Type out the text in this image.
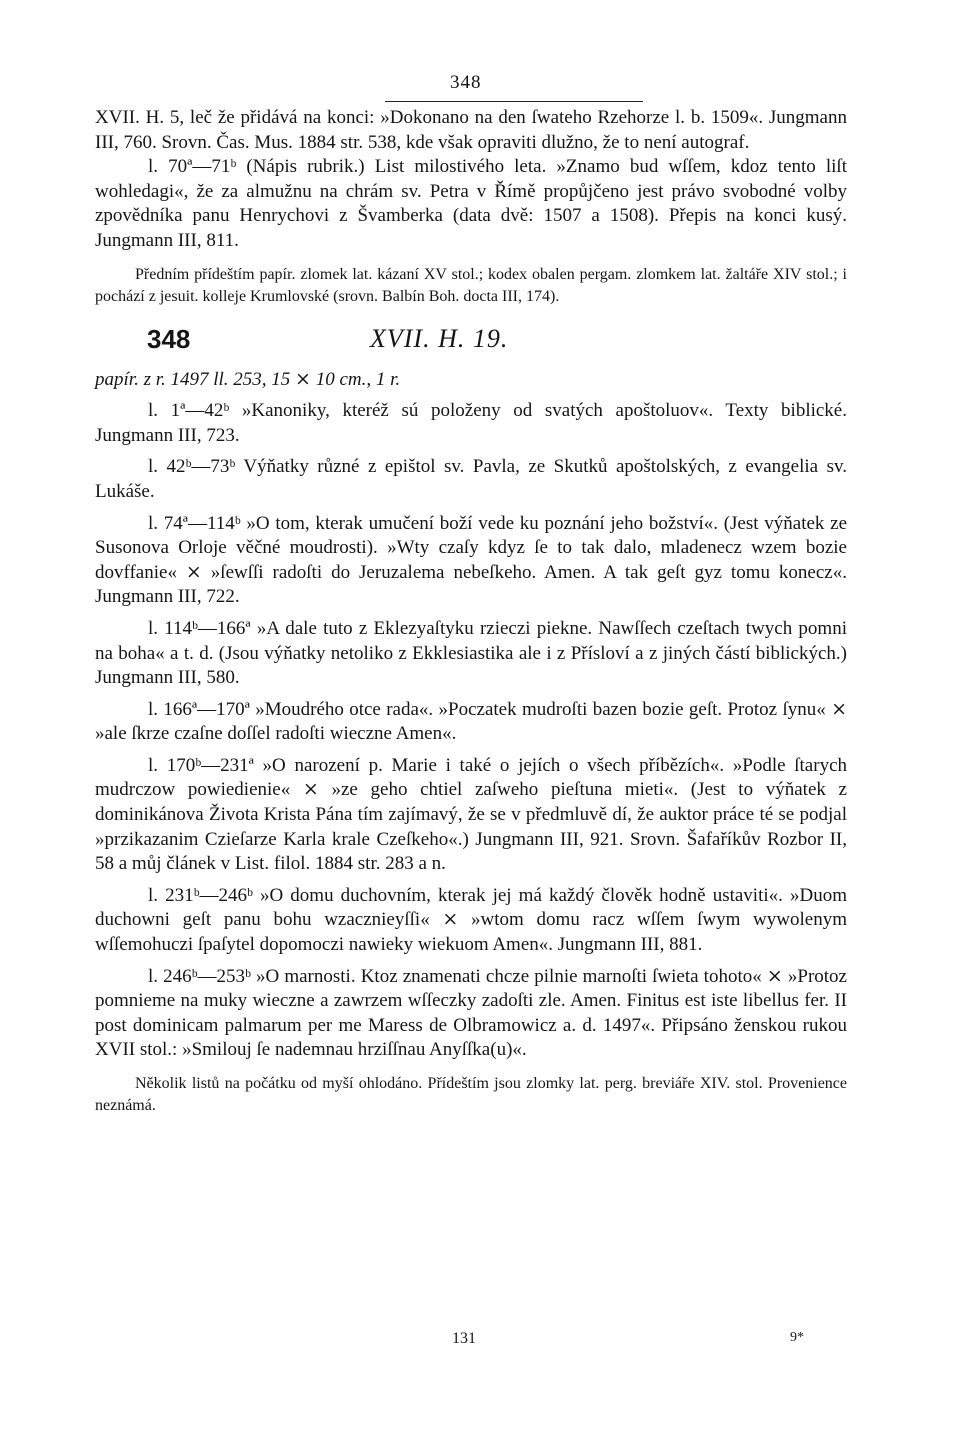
348

XVII. H. 5, leč že přidává na konci: »Dokonano na den ſwateho Rzehorze l. b. 1509«. Jungmann III, 760. Srovn. Čas. Mus. 1884 str. 538, kde však opraviti dlužno, že to není autograf.

l. 70ª—71ᵇ (Nápis rubrik.) List milostivého leta. »Znamo bud wſſem, kdoz tento liſt wohledagi«, že za almužnu na chrám sv. Petra v Římě propůjčeno jest právo svobodné volby zpovědníka panu Henrychovi z Švamberka (data dvě: 1507 a 1508). Přepis na konci kusý. Jungmann III, 811.

Předním přídeštím papír. zlomek lat. kázaní XV stol.; kodex obalen pergam. zlomkem lat. žaltáře XIV stol.; i pochází z jesuit. kolleje Krumlovské (srovn. Balbín Boh. docta III, 174).

348	XVII. H. 19.

papír. z r. 1497 ll. 253, 15 ⨯ 10 cm., 1 r.

l. 1ª—42ᵇ »Kanoniky, kteréž sú položeny od svatých apoštoluov«. Texty biblické. Jungmann III, 723.

l. 42ᵇ—73ᵇ Výňatky různé z epištol sv. Pavla, ze Skutků apoštolských, z evangelia sv. Lukáše.

l. 74ª—114ᵇ »O tom, kterak umučení boží vede ku poznání jeho božství«. (Jest výňatek ze Susonova Orloje věčné moudrosti). »Wty czaſy kdyz ſe to tak dalo, mladenecz wzem bozie dovffanie« ⨯ »ſewſſi radoſti do Jeruzalema nebeſkeho. Amen. A tak geſt gyz tomu konecz«. Jungmann III, 722.

l. 114ᵇ—166ª »A dale tuto z Eklezyaſtyku rzieczi piekne. Nawſſech czeſtach twych pomni na boha« a t. d. (Jsou výňatky netoliko z Ekklesiastika ale i z Přísloví a z jiných částí biblických.) Jungmann III, 580.

l. 166ª—170ª »Moudrého otce rada«. »Poczatek mudroſti bazen bozie geſt. Protoz ſynu« ⨯ »ale ſkrze czaſne doſſel radoſti wieczne Amen«.

l. 170ᵇ—231ª »O narození p. Marie i také o jejích o všech příbězích«. »Podle ſtarych mudrczow powiedienie« ⨯ »ze geho chtiel zaſweho pieſtuna mieti«. (Jest to výňatek z dominikánova Života Krista Pána tím zajímavý, že se v předmluvě dí, že auktor práce té se podjal »przikazanim Czieſarze Karla krale Czeſkeho«.) Jungmann III, 921. Srovn. Šafaříkův Rozbor II, 58 a můj článek v List. filol. 1884 str. 283 a n.

l. 231ᵇ—246ᵇ »O domu duchovním, kterak jej má každý člověk hodně ustaviti«. »Duom duchowni geſt panu bohu wzacznieyſſi« ⨯ »wtom domu racz wſſem ſwym wywolenym wſſemohuczi ſpaſytel dopomoczi nawieky wiekuom Amen«. Jungmann III, 881.

l. 246ᵇ—253ᵇ »O marnosti. Ktoz znamenati chcze pilnie marnoſti ſwieta tohoto« ⨯ »Protoz pomnieme na muky wieczne a zawrzem wſſeczky zadoſti zle. Amen. Finitus est iste libellus fer. II post dominicam palmarum per me Maress de Olbramowicz a. d. 1497«. Připsáno ženskou rukou XVII stol.: »Smilouj ſe nademnau hrziſſnau Anyſſka(u)«.

Několik listů na počátku od myší ohlodáno. Přídeštím jsou zlomky lat. perg. breviáře XIV. stol. Provenience neznámá.

131	9*
